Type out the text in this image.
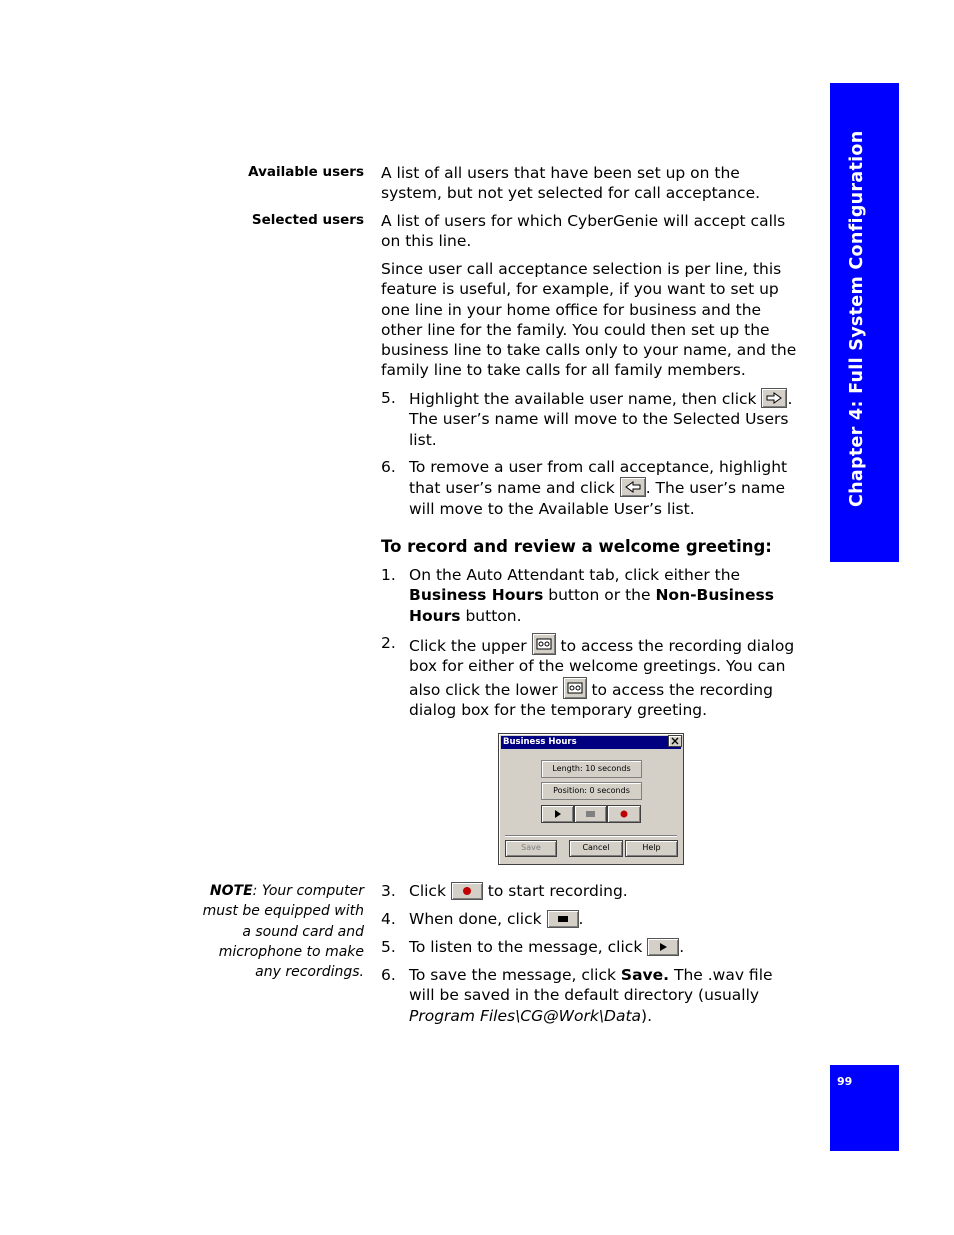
Chapter 4: Full System Configuration
Available users A list of all users that have been set up on the system, but not yet selected for call acceptance.
Selected users A list of users for which CyberGenie will accept calls on this line.
Since user call acceptance selection is per line, this feature is useful, for example, if you want to set up one line in your home office for business and the other line for the family. You could then set up the business line to take calls only to your name, and the family line to take calls for all family members.
5. Highlight the available user name, then click
. The user’s name will move to the Selected Users list.
6. To remove a user from call acceptance, highlight that user’s name and click
. The user’s name will move to the Available User’s list.
To record and review a welcome greeting:
1. On the Auto Attendant tab, click either the Business Hours button or the Non-Business Hours button.
2. Click the upper
to access the recording dialog box for either of the welcome greetings. You can also click the lower
to access the recording dialog box for the temporary greeting.
Business Hours
Length: 10 seconds
Position: 0 seconds
Save	Cancel	Help
NOTE: Your computer must be equipped with a sound card and microphone to make any recordings.
3. Click
to start recording.
4. When done, click
.
5. To listen to the message, click
.
6. To save the message, click Save. The .wav file will be saved in the default directory (usually Program Files\CG@Work\Data).
99
